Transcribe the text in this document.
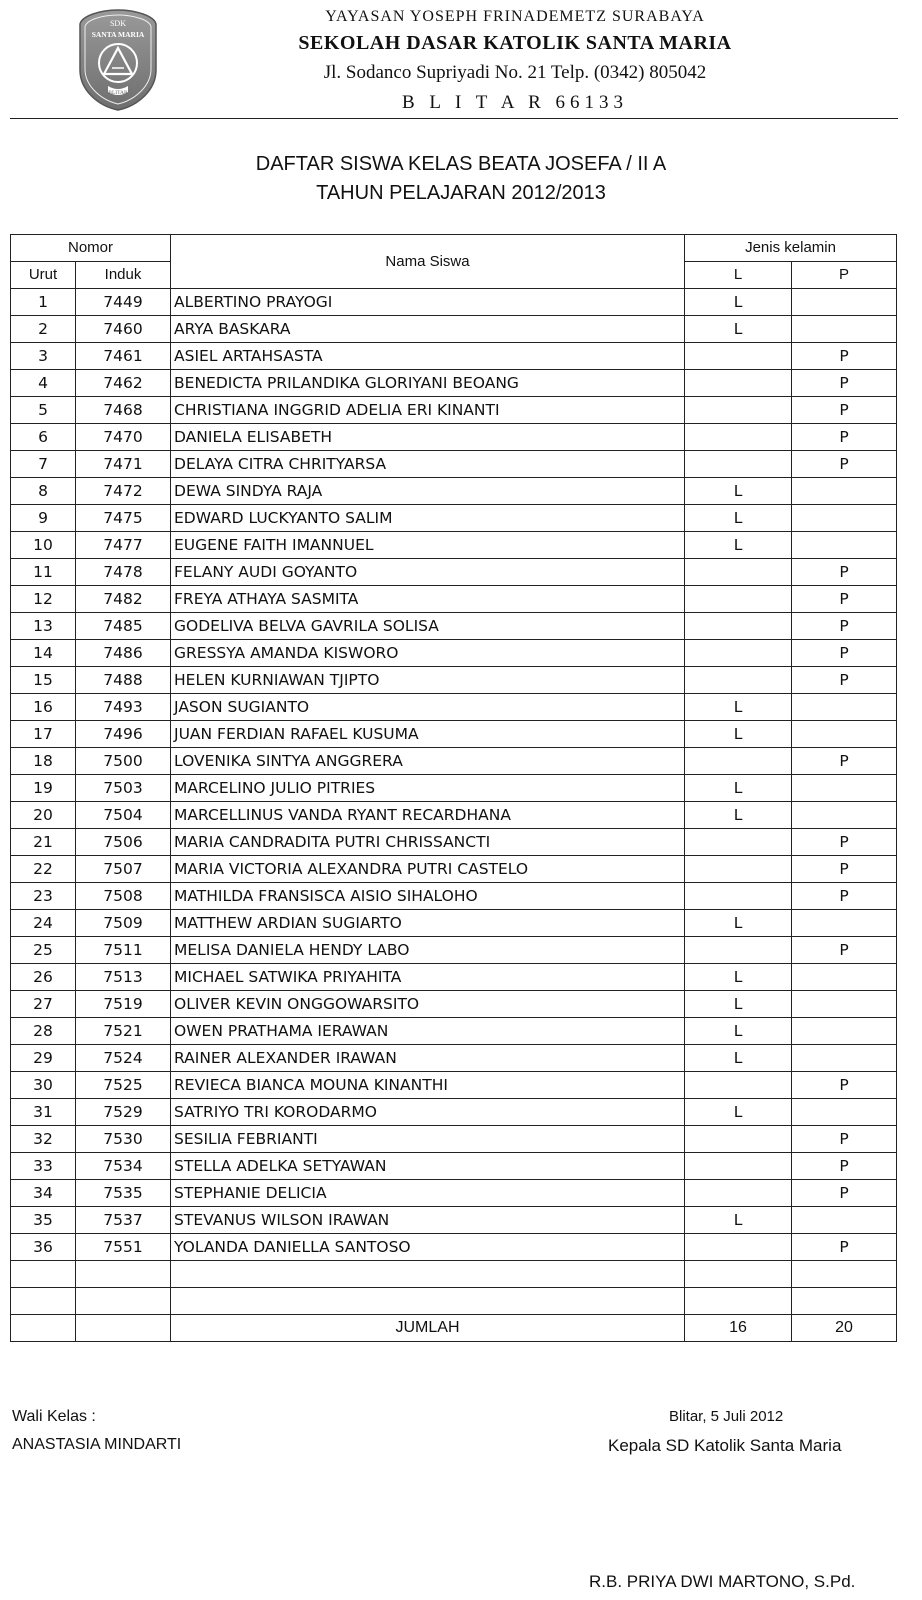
SDK
SANTA MARIA
BLITAR
YAYASAN YOSEPH FRINADEMETZ SURABAYA
SEKOLAH DASAR KATOLIK SANTA MARIA
Jl. Sodanco Supriyadi No. 21 Telp. (0342) 805042
B L I T A R 66133
DAFTAR SISWA KELAS BEATA JOSEFA / II A
TAHUN PELAJARAN 2012/2013
Nomor		Nama Siswa	Jenis kelamin	
Urut	Induk		L	P
1	7449	ALBERTINO PRAYOGI	L	
2	7460	ARYA BASKARA	L	
3	7461	ASIEL ARTAHSASTA		P
4	7462	BENEDICTA PRILANDIKA GLORIYANI BEOANG		P
5	7468	CHRISTIANA INGGRID ADELIA ERI KINANTI		P
6	7470	DANIELA ELISABETH		P
7	7471	DELAYA CITRA CHRITYARSA		P
8	7472	DEWA SINDYA RAJA	L	
9	7475	EDWARD LUCKYANTO SALIM	L	
10	7477	EUGENE FAITH IMANNUEL	L	
11	7478	FELANY AUDI GOYANTO		P
12	7482	FREYA ATHAYA SASMITA		P
13	7485	GODELIVA BELVA GAVRILA SOLISA		P
14	7486	GRESSYA AMANDA KISWORO		P
15	7488	HELEN KURNIAWAN TJIPTO		P
16	7493	JASON SUGIANTO	L	
17	7496	JUAN FERDIAN RAFAEL KUSUMA	L	
18	7500	LOVENIKA SINTYA ANGGRERA		P
19	7503	MARCELINO JULIO PITRIES	L	
20	7504	MARCELLINUS VANDA RYANT RECARDHANA	L	
21	7506	MARIA CANDRADITA PUTRI CHRISSANCTI		P
22	7507	MARIA VICTORIA ALEXANDRA PUTRI CASTELO		P
23	7508	MATHILDA FRANSISCA AISIO SIHALOHO		P
24	7509	MATTHEW ARDIAN SUGIARTO	L	
25	7511	MELISA DANIELA HENDY LABO		P
26	7513	MICHAEL SATWIKA PRIYAHITA	L	
27	7519	OLIVER KEVIN ONGGOWARSITO	L	
28	7521	OWEN PRATHAMA IERAWAN	L	
29	7524	RAINER ALEXANDER IRAWAN	L	
30	7525	REVIECA BIANCA MOUNA KINANTHI		P
31	7529	SATRIYO TRI KORODARMO	L	
32	7530	SESILIA FEBRIANTI		P
33	7534	STELLA ADELKA SETYAWAN		P
34	7535	STEPHANIE DELICIA		P
35	7537	STEVANUS WILSON IRAWAN	L	
36	7551	YOLANDA DANIELLA SANTOSO		P

		JUMLAH	16	20
Wali Kelas :
ANASTASIA MINDARTI
Blitar, 5 Juli 2012
Kepala SD Katolik Santa Maria
R.B. PRIYA DWI MARTONO, S.Pd.
